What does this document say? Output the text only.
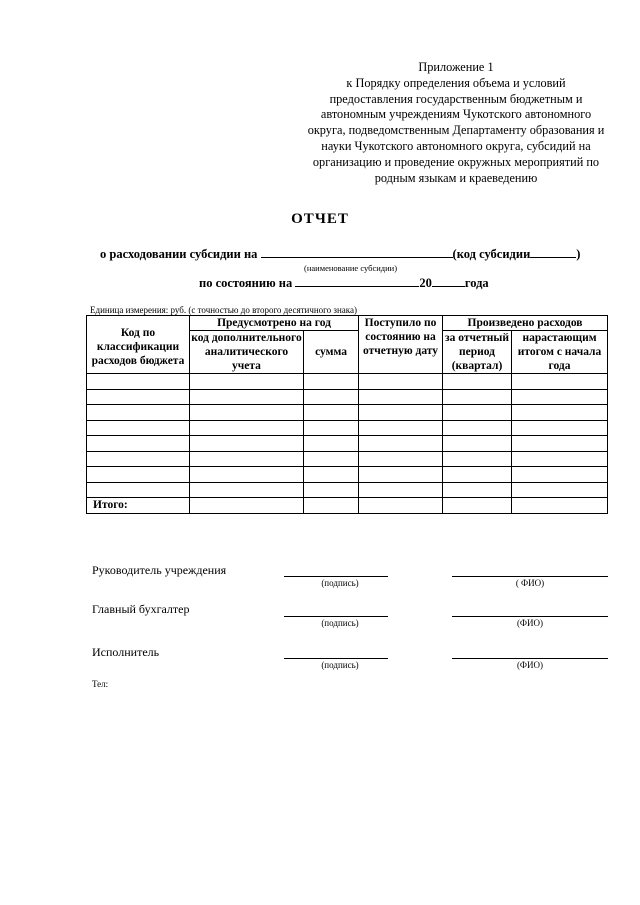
Приложение 1
к Порядку определения объема и условий
предоставления государственным бюджетным и
автономным учреждениям Чукотского автономного
округа, подведомственным Департаменту образования и
науки Чукотского автономного округа, субсидий на
организацию и проведение окружных мероприятий по
родным языкам и краеведению
ОТЧЕТ
о расходовании субсидии на	(код субсидии	)
(наименование субсидии)
по состоянию на	20	года
Единица измерения: руб. (с точностью до второго десятичного знака)
Код по классификации расходов бюджета	Предусмотрено на год		Поступило по состоянию на отчетную дату	Произведено расходов	
	код дополнительного аналитического учета	сумма		за отчетный период (квартал)	нарастающим итогом с начала года

Итого:					
Руководитель учреждения
(подпись)	( ФИО)
Главный бухгалтер
(подпись)	(ФИО)
Исполнитель
(подпись)	(ФИО)
Тел:
